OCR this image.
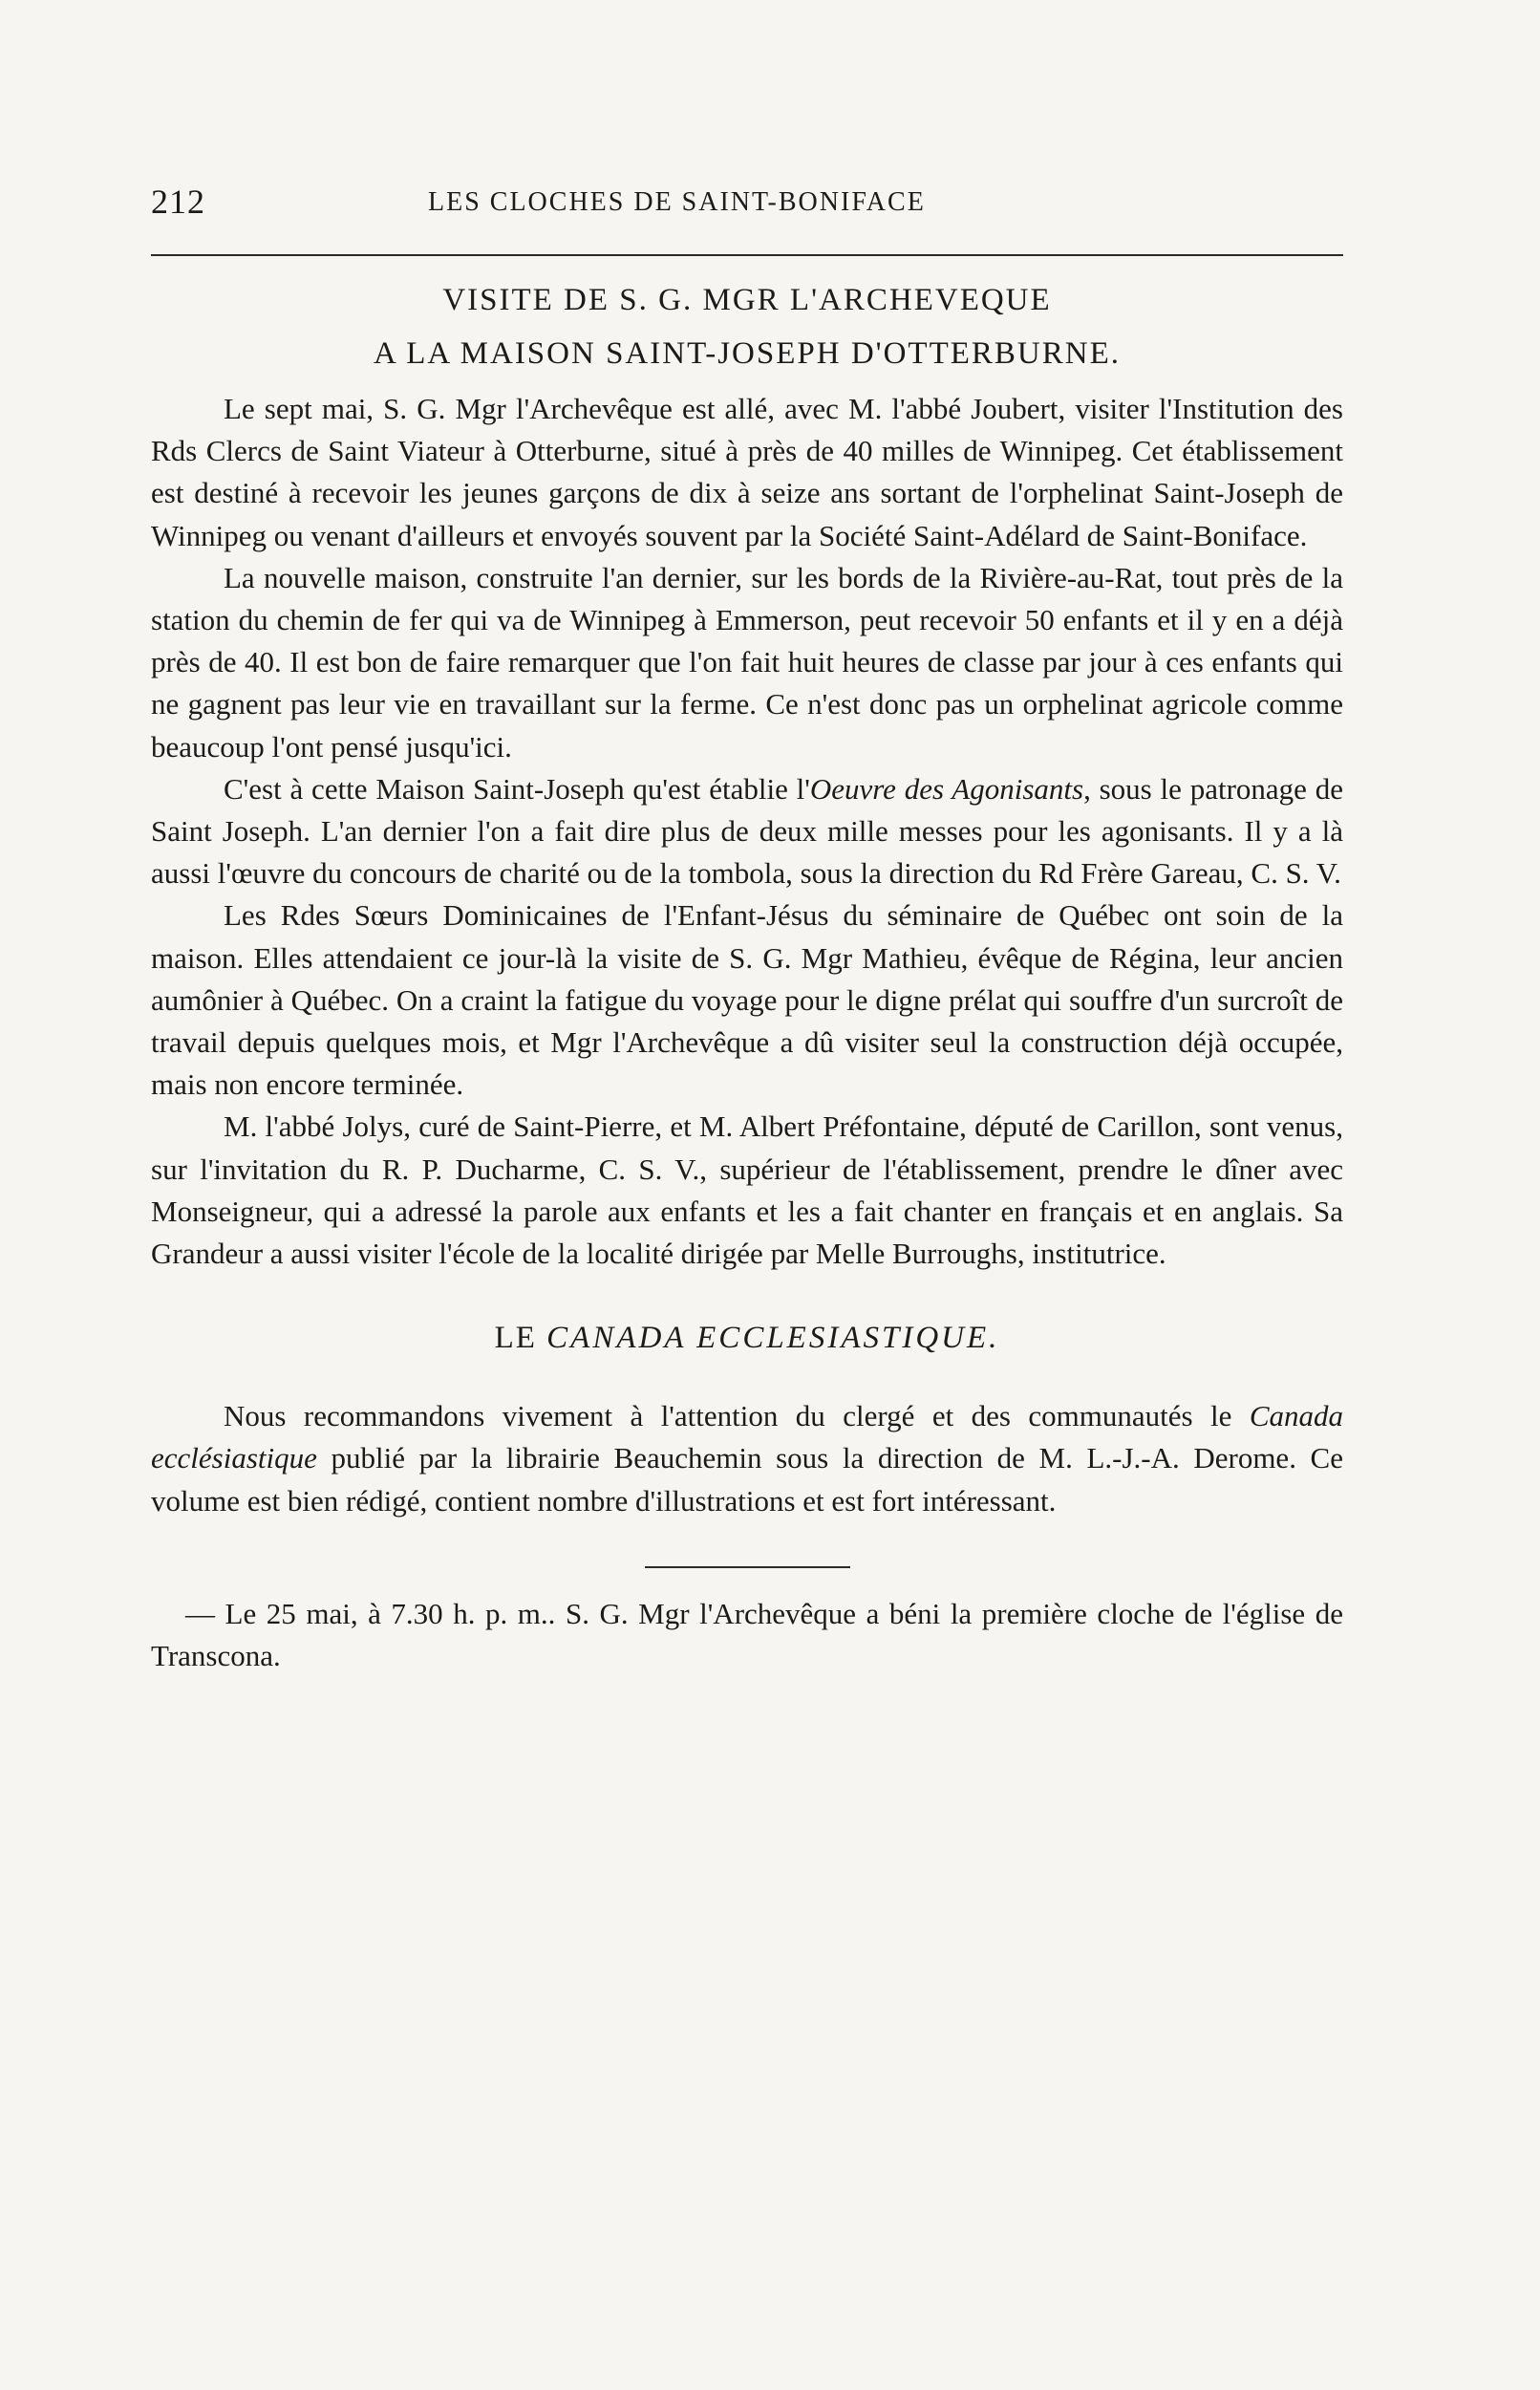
212	LES CLOCHES DE SAINT-BONIFACE
VISITE DE S. G. MGR L'ARCHEVEQUE
A LA MAISON SAINT-JOSEPH D'OTTERBURNE.

Le sept mai, S. G. Mgr l'Archevêque est allé, avec M. l'abbé Joubert, visiter l'Institution des Rds Clercs de Saint Viateur à Otterburne, situé à près de 40 milles de Winnipeg. Cet établissement est destiné à recevoir les jeunes garçons de dix à seize ans sortant de l'orphelinat Saint-Joseph de Winnipeg ou venant d'ailleurs et envoyés souvent par la Société Saint-Adélard de Saint-Boniface.

La nouvelle maison, construite l'an dernier, sur les bords de la Rivière-au-Rat, tout près de la station du chemin de fer qui va de Winnipeg à Emmerson, peut recevoir 50 enfants et il y en a déjà près de 40. Il est bon de faire remarquer que l'on fait huit heures de classe par jour à ces enfants qui ne gagnent pas leur vie en travaillant sur la ferme. Ce n'est donc pas un orphelinat agricole comme beaucoup l'ont pensé jusqu'ici.

C'est à cette Maison Saint-Joseph qu'est établie l'Oeuvre des Agonisants, sous le patronage de Saint Joseph. L'an dernier l'on a fait dire plus de deux mille messes pour les agonisants. Il y a là aussi l'œuvre du concours de charité ou de la tombola, sous la direction du Rd Frère Gareau, C. S. V.

Les Rdes Sœurs Dominicaines de l'Enfant-Jésus du séminaire de Québec ont soin de la maison. Elles attendaient ce jour-là la visite de S. G. Mgr Mathieu, évêque de Régina, leur ancien aumônier à Québec. On a craint la fatigue du voyage pour le digne prélat qui souffre d'un surcroît de travail depuis quelques mois, et Mgr l'Archevêque a dû visiter seul la construction déjà occupée, mais non encore terminée.

M. l'abbé Jolys, curé de Saint-Pierre, et M. Albert Préfontaine, député de Carillon, sont venus, sur l'invitation du R. P. Ducharme, C. S. V., supérieur de l'établissement, prendre le dîner avec Monseigneur, qui a adressé la parole aux enfants et les a fait chanter en français et en anglais. Sa Grandeur a aussi visiter l'école de la localité dirigée par Melle Burroughs, institutrice.

LE CANADA ECCLESIASTIQUE.

Nous recommandons vivement à l'attention du clergé et des communautés le Canada ecclésiastique publié par la librairie Beauchemin sous la direction de M. L.-J.-A. Derome. Ce volume est bien rédigé, contient nombre d'illustrations et est fort intéressant.

— Le 25 mai, à 7.30 h. p. m.. S. G. Mgr l'Archevêque a béni la première cloche de l'église de Transcona.
